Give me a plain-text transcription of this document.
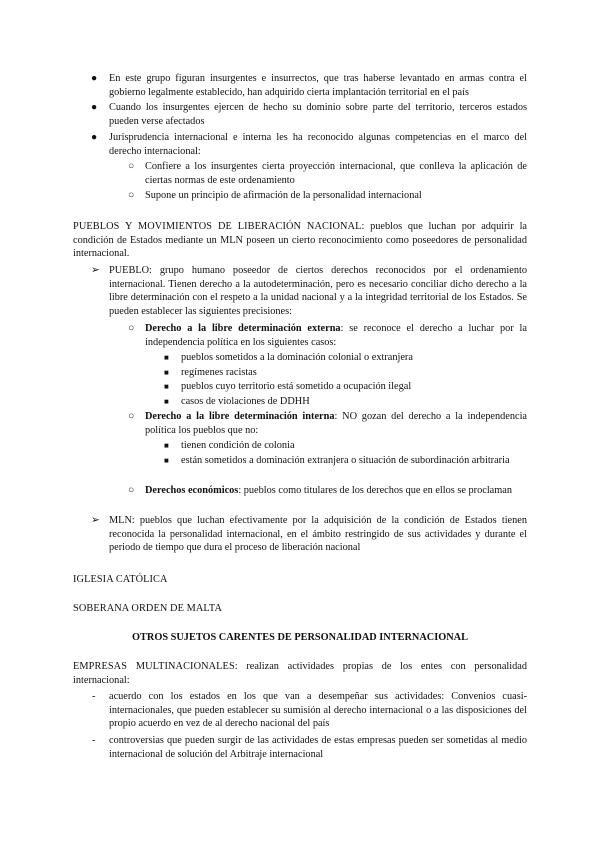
● En este grupo figuran insurgentes e insurrectos, que tras haberse levantado en armas contra el gobierno legalmente establecido, han adquirido cierta implantación territorial en el país
● Cuando los insurgentes ejercen de hecho su dominio sobre parte del territorio, terceros estados pueden verse afectados
● Jurisprudencia internacional e interna les ha reconocido algunas competencias en el marco del derecho internacional:
○ Confiere a los insurgentes cierta proyección internacional, que conlleva la aplicación de ciertas normas de este ordenamiento
○ Supone un principio de afirmación de la personalidad internacional
PUEBLOS Y MOVIMIENTOS DE LIBERACIÓN NACIONAL: pueblos que luchan por adquirir la condición de Estados mediante un MLN poseen un cierto reconocimiento como poseedores de personalidad internacional.
➢ PUEBLO: grupo humano poseedor de ciertos derechos reconocidos por el ordenamiento internacional. Tienen derecho a la autodeterminación, pero es necesario conciliar dicho derecho a la libre determinación con el respeto a la unidad nacional y a la integridad territorial de los Estados. Se pueden establecer las siguientes precisiones:
○ Derecho a la libre determinación externa: se reconoce el derecho a luchar por la independencia política en los siguientes casos:
■ pueblos sometidos a la dominación colonial o extranjera
■ regímenes racistas
■ pueblos cuyo territorio está sometido a ocupación ilegal
■ casos de violaciones de DDHH
○ Derecho a la libre determinación interna: NO gozan del derecho a la independencia política los pueblos que no:
■ tienen condición de colonia
■ están sometidos a dominación extranjera o situación de subordinación arbitraria
○ Derechos económicos: pueblos como titulares de los derechos que en ellos se proclaman
➢ MLN: pueblos que luchan efectivamente por la adquisición de la condición de Estados tienen reconocida la personalidad internacional, en el ámbito restringido de sus actividades y durante el periodo de tiempo que dura el proceso de liberación nacional
IGLESIA CATÓLICA
SOBERANA ORDEN DE MALTA
OTROS SUJETOS CARENTES DE PERSONALIDAD INTERNACIONAL
EMPRESAS MULTINACIONALES: realizan actividades propias de los entes con personalidad internacional:
- acuerdo con los estados en los que van a desempeñar sus actividades: Convenios cuasi-internacionales, que pueden establecer su sumisión al derecho internacional o a las disposiciones del propio acuerdo en vez de al derecho nacional del país
- controversias que pueden surgir de las actividades de estas empresas pueden ser sometidas al medio internacional de solución del Arbitraje internacional
